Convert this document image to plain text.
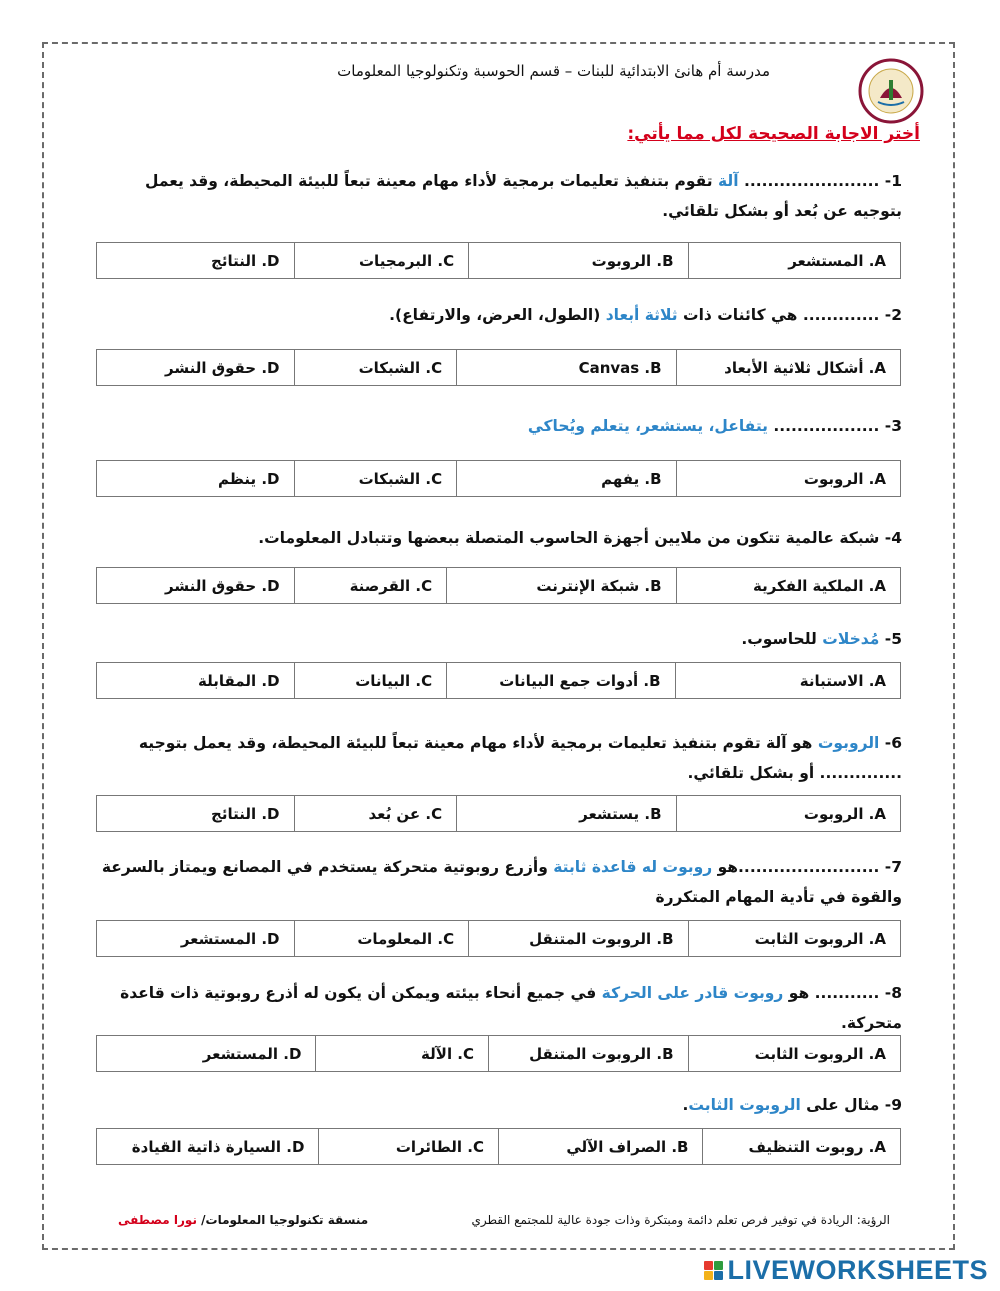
مدرسة أم هانئ الابتدائية للبنات – قسم الحوسبة وتكنولوجيا المعلومات
أختر الاجابة الصحيحة لكل مما يأتي:
1- ....................... آلة تقوم بتنفيذ تعليمات برمجية لأداء مهام معينة تبعاً للبيئة المحيطة، وقد يعمل بتوجيه عن بُعد أو بشكل تلقائي.
A. المستشعر
B. الروبوت
C. البرمجيات
D. النتائج
2- ............. هي كائنات ذات ثلاثة أبعاد (الطول، العرض، والارتفاع).
A. أشكال ثلاثية الأبعاد
Canvas .B
C. الشبكات
D. حقوق النشر
3- .................. يتفاعل، يستشعر، يتعلم ويُحاكي
A. الروبوت
B. يفهم
C. الشبكات
D. ينظم
4- شبكة عالمية تتكون من ملايين أجهزة الحاسوب المتصلة ببعضها وتتبادل المعلومات.
A. الملكية الفكرية
B. شبكة الإنترنت
C. القرصنة
D. حقوق النشر
5- مُدخلات للحاسوب.
A. الاستبانة
B. أدوات جمع البيانات
C. البيانات
D. المقابلة
6- الروبوت هو آلة تقوم بتنفيذ تعليمات برمجية لأداء مهام معينة تبعاً للبيئة المحيطة، وقد يعمل بتوجيه .............. أو بشكل تلقائي.
A. الروبوت
B. يستشعر
C. عن بُعد
D. النتائج
7- ........................هو روبوت له قاعدة ثابتة وأزرع روبوتية متحركة يستخدم في المصانع ويمتاز بالسرعة والقوة في تأدية المهام المتكررة
A. الروبوت الثابت
B. الروبوت المتنقل
C. المعلومات
D. المستشعر
8- ........... هو روبوت قادر على الحركة في جميع أنحاء بيئته ويمكن أن يكون له أذرع روبوتية ذات قاعدة متحركة.
A. الروبوت الثابت
B. الروبوت المتنقل
C. الآلة
D. المستشعر
9- مثال على الروبوت الثابت.
A. روبوت التنظيف
B. الصراف الآلي
C. الطائرات
D. السيارة ذاتية القيادة
الرؤية: الريادة في توفير فرص تعلم دائمة ومبتكرة وذات جودة عالية للمجتمع القطري
منسقة تكنولوجيا المعلومات/ نورا مصطفى
LIVEWORKSHEETS
